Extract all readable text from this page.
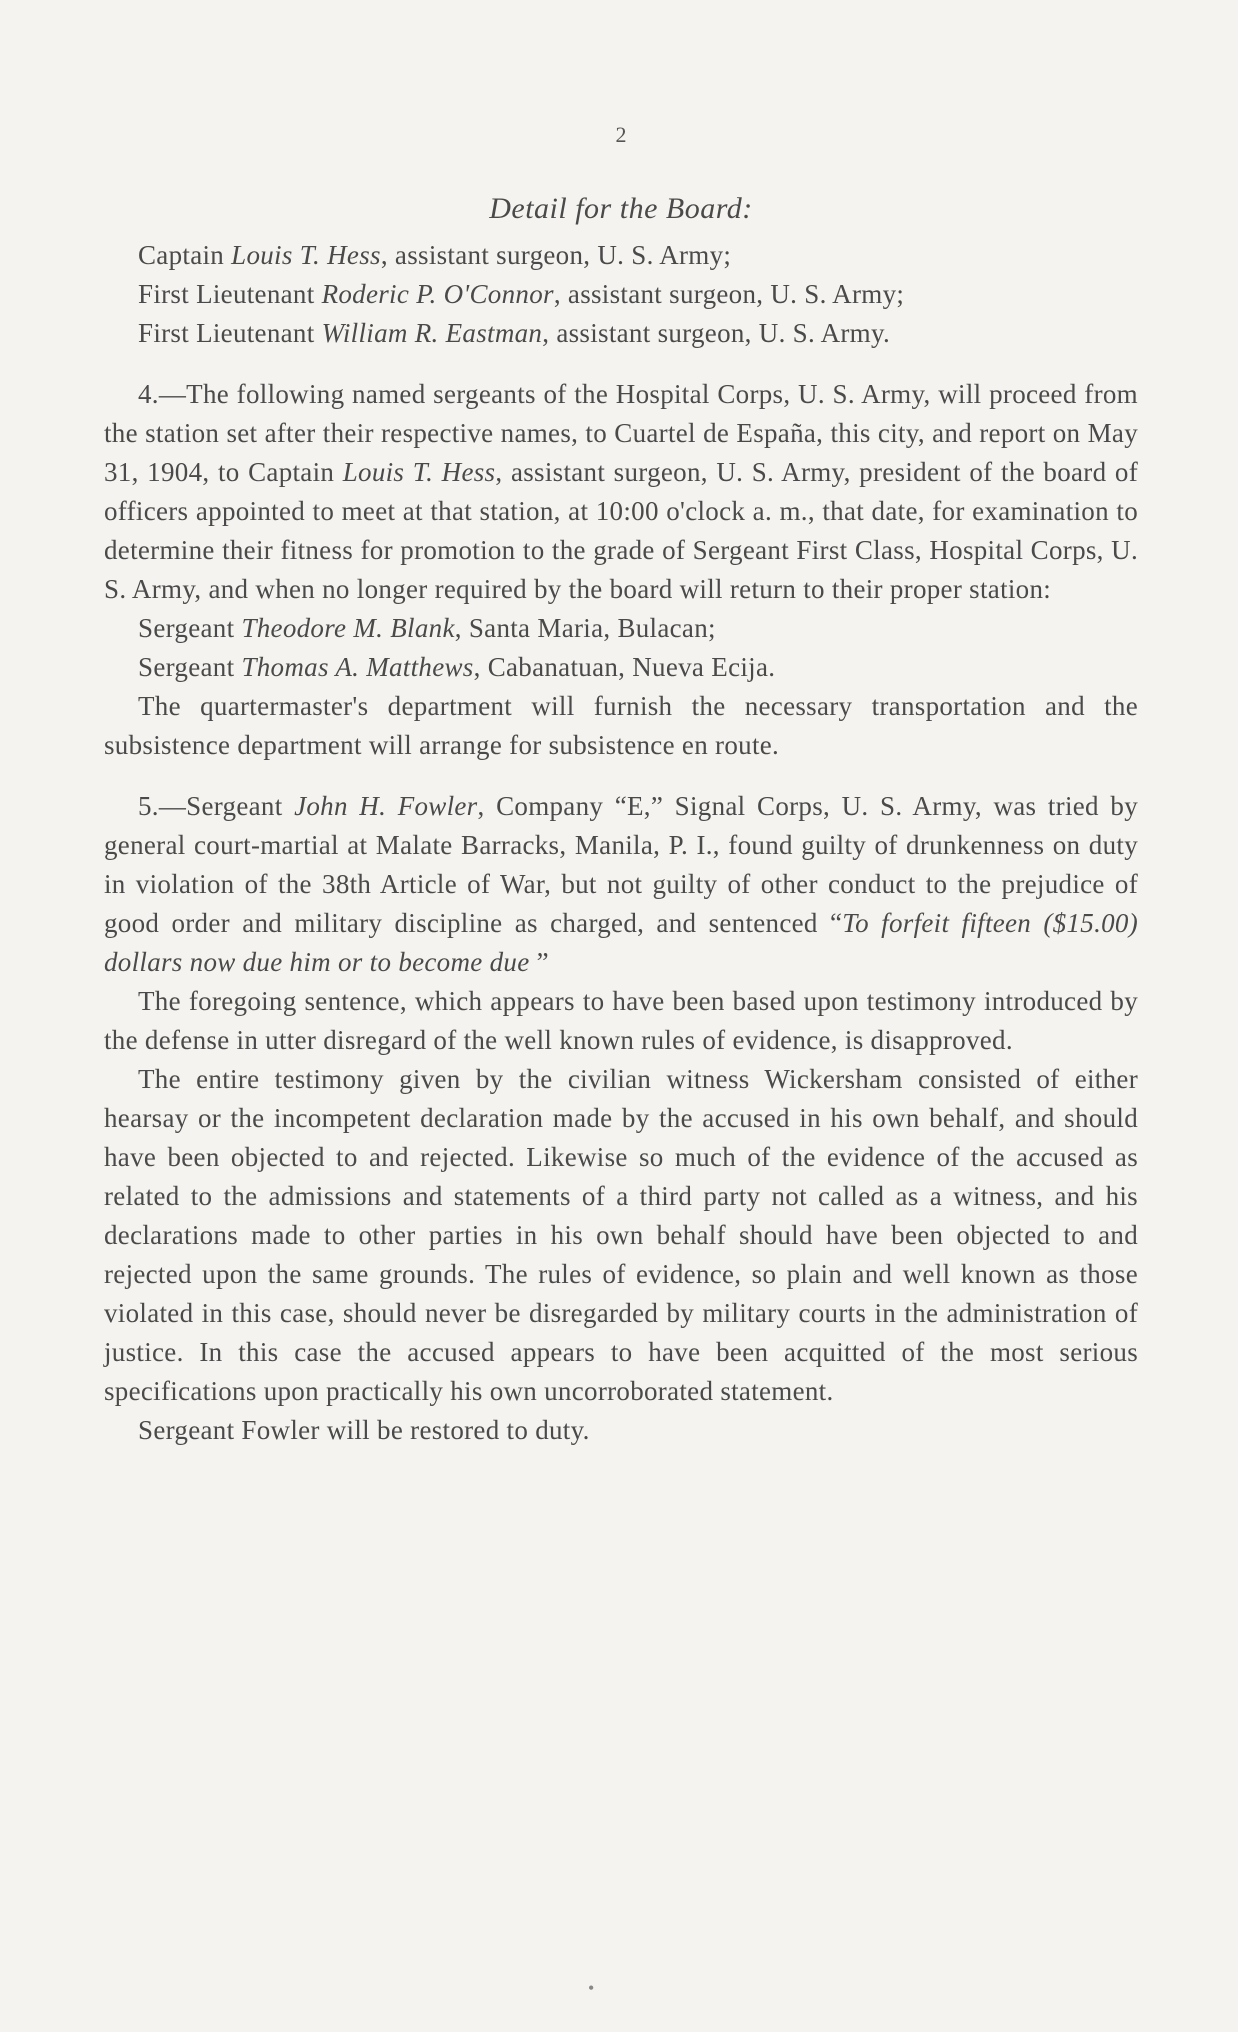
2
Detail for the Board:

Captain Louis T. Hess, assistant surgeon, U. S. Army;

First Lieutenant Roderic P. O'Connor, assistant surgeon, U. S. Army;

First Lieutenant William R. Eastman, assistant surgeon, U. S. Army.

4.—The following named sergeants of the Hospital Corps, U. S. Army, will proceed from the station set after their respective names, to Cuartel de España, this city, and report on May 31, 1904, to Captain Louis T. Hess, assistant surgeon, U. S. Army, president of the board of officers appointed to meet at that station, at 10:00 o'clock a. m., that date, for examination to determine their fitness for promotion to the grade of Sergeant First Class, Hospital Corps, U. S. Army, and when no longer required by the board will return to their proper station:

Sergeant Theodore M. Blank, Santa Maria, Bulacan;

Sergeant Thomas A. Matthews, Cabanatuan, Nueva Ecija.

The quartermaster's department will furnish the necessary transportation and the subsistence department will arrange for subsistence en route.

5.—Sergeant John H. Fowler, Company “E,” Signal Corps, U. S. Army, was tried by general court-martial at Malate Barracks, Manila, P. I., found guilty of drunkenness on duty in violation of the 38th Article of War, but not guilty of other conduct to the prejudice of good order and military discipline as charged, and sentenced “To forfeit fifteen ($15.00) dollars now due him or to become due ”

The foregoing sentence, which appears to have been based upon testimony introduced by the defense in utter disregard of the well known rules of evidence, is disapproved.

The entire testimony given by the civilian witness Wickersham consisted of either hearsay or the incompetent declaration made by the accused in his own behalf, and should have been objected to and rejected. Likewise so much of the evidence of the accused as related to the admissions and statements of a third party not called as a witness, and his declarations made to other parties in his own behalf should have been objected to and rejected upon the same grounds. The rules of evidence, so plain and well known as those violated in this case, should never be disregarded by military courts in the administration of justice. In this case the accused appears to have been acquitted of the most serious specifications upon practically his own uncorroborated statement.

Sergeant Fowler will be restored to duty.

•
